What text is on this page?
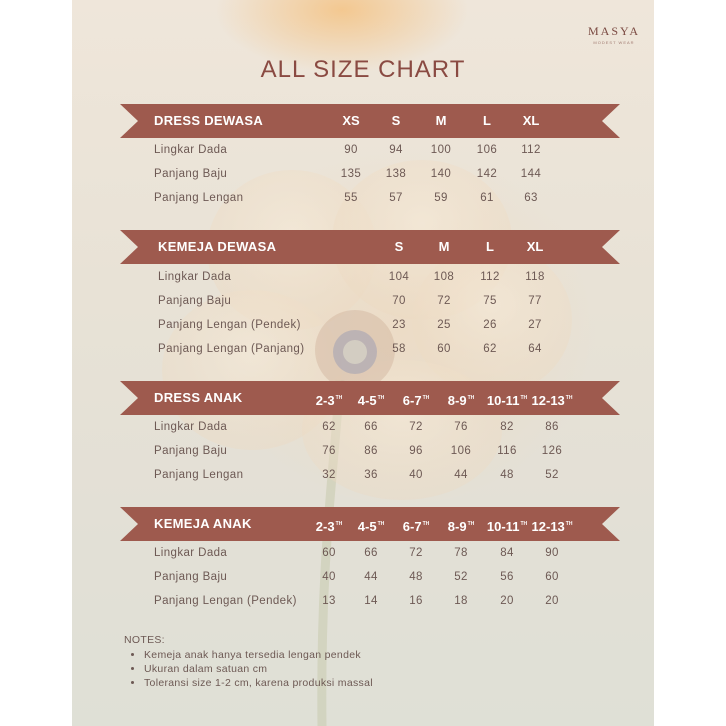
MASYA
MODEST WEAR
ALL SIZE CHART
DRESS DEWASA	XS	S	M	L	XL
Lingkar Dada	90	94	100	106	112
Panjang Baju	135	138	140	142	144
Panjang Lengan	55	57	59	61	63
KEMEJA DEWASA	S	M	L	XL
Lingkar Dada	104	108	112	118
Panjang Baju	70	72	75	77
Panjang Lengan (Pendek)	23	25	26	27
Panjang Lengan (Panjang)	58	60	62	64
DRESS ANAK	2-3TH	4-5TH	6-7TH	8-9TH 10-11TH 12-13TH
Lingkar Dada	62	66	72	76	82	86
Panjang Baju	76	86	96	106	116	126
Panjang Lengan	32	36	40	44	48	52
KEMEJA ANAK	2-3TH	4-5TH	6-7TH	8-9TH 10-11TH 12-13TH
Lingkar Dada	60	66	72	78	84	90
Panjang Baju	40	44	48	52	56	60
Panjang Lengan (Pendek)	13	14	16	18	20	20
NOTES:
• Kemeja anak hanya tersedia lengan pendek
• Ukuran dalam satuan cm
• Toleransi size 1-2 cm, karena produksi massal
